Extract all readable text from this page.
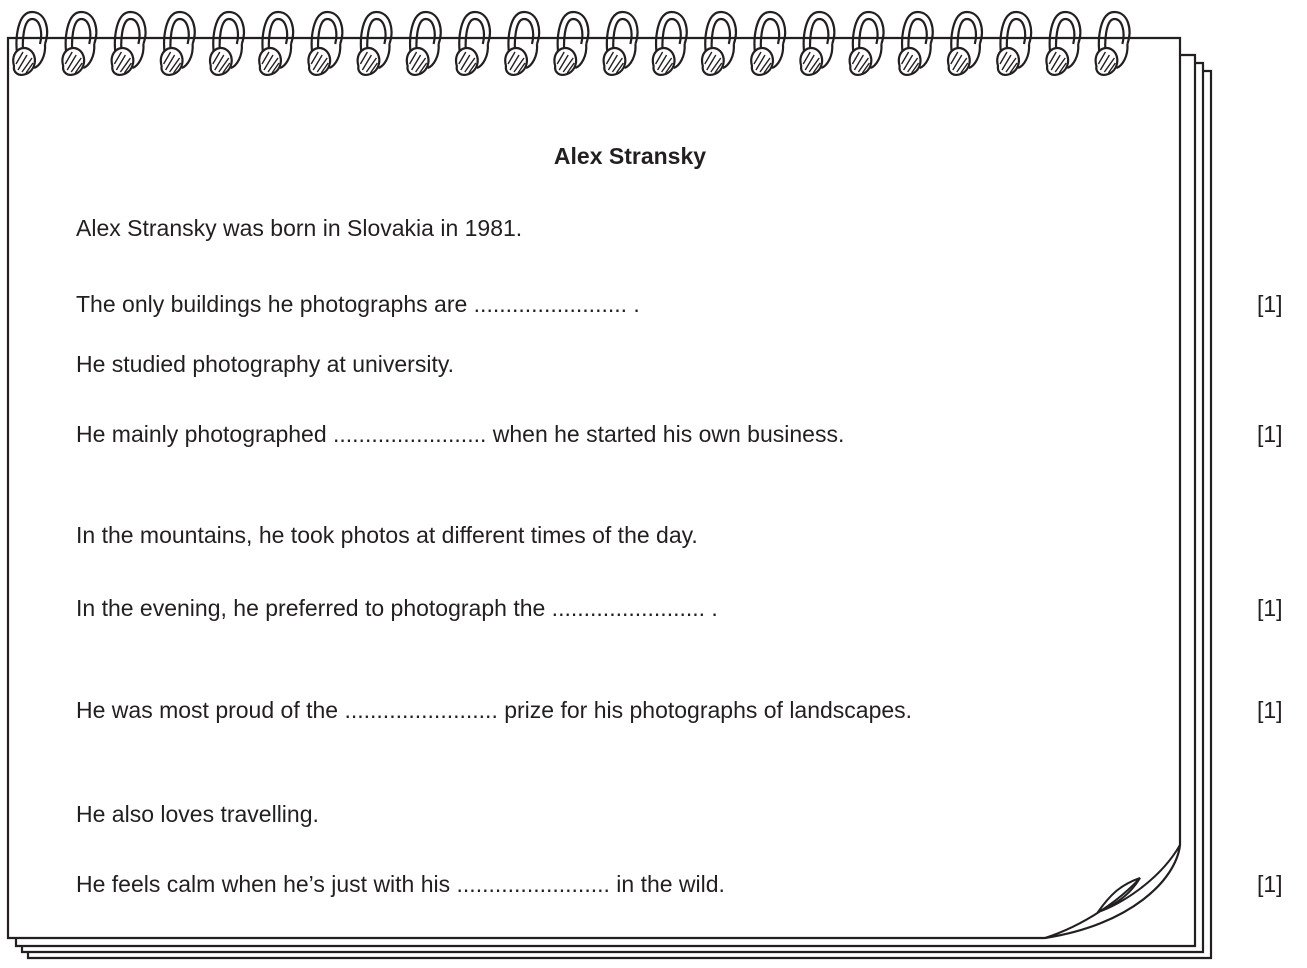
Alex Stransky
Alex Stransky was born in Slovakia in 1981.
The only buildings he photographs are ........................ .	[1]
He studied photography at university.
He mainly photographed ........................ when he started his own business.	[1]
In the mountains, he took photos at different times of the day.
In the evening, he preferred to photograph the ........................ .	[1]
He was most proud of the ........................ prize for his photographs of landscapes.	[1]
He also loves travelling.
He feels calm when he’s just with his ........................ in the wild.	[1]
